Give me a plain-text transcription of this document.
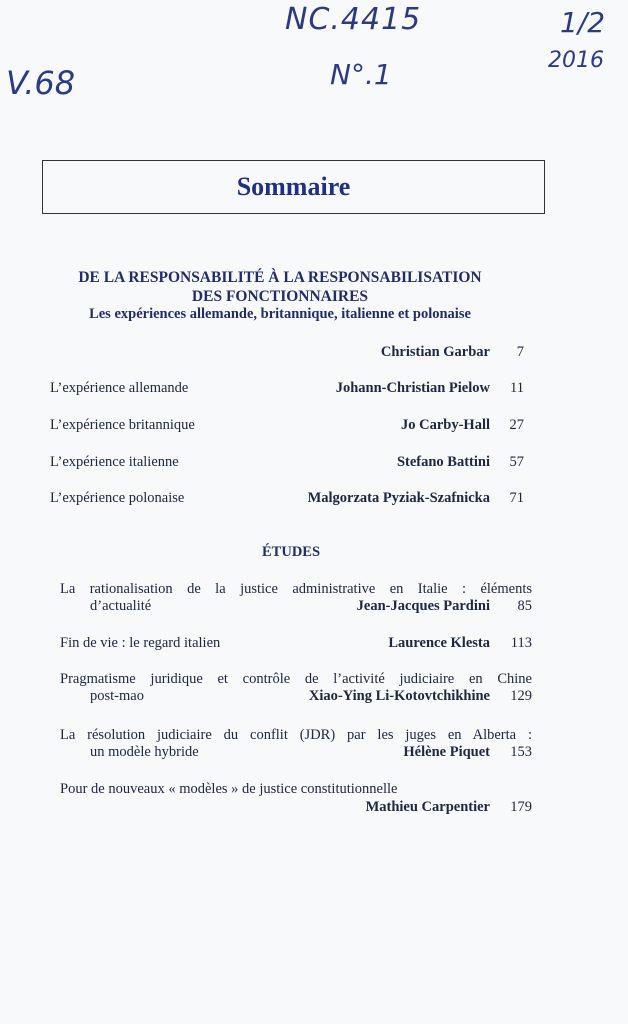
NC.4415	1/2
2016
V.68	N°.1
Sommaire
DE LA RESPONSABILITÉ À LA RESPONSABILISATION
DES FONCTIONNAIRES
Les expériences allemande, britannique, italienne et polonaise
Christian Garbar 7
L’expérience allemande	Johann-Christian Pielow 11
L’expérience britannique	Jo Carby-Hall 27
L’expérience italienne	Stefano Battini 57
L’expérience polonaise	Malgorzata Pyziak-Szafnicka 71
ÉTUDES
La rationalisation de la justice administrative en Italie : éléments
d’actualité	Jean-Jacques Pardini 85
Fin de vie : le regard italien	Laurence Klesta 113
Pragmatisme juridique et contrôle de l’activité judiciaire en Chine
post-mao	Xiao-Ying Li-Kotovtchikhine 129
La résolution judiciaire du conflit (JDR) par les juges en Alberta :
un modèle hybride	Hélène Piquet 153
Pour de nouveaux « modèles » de justice constitutionnelle
Mathieu Carpentier 179
